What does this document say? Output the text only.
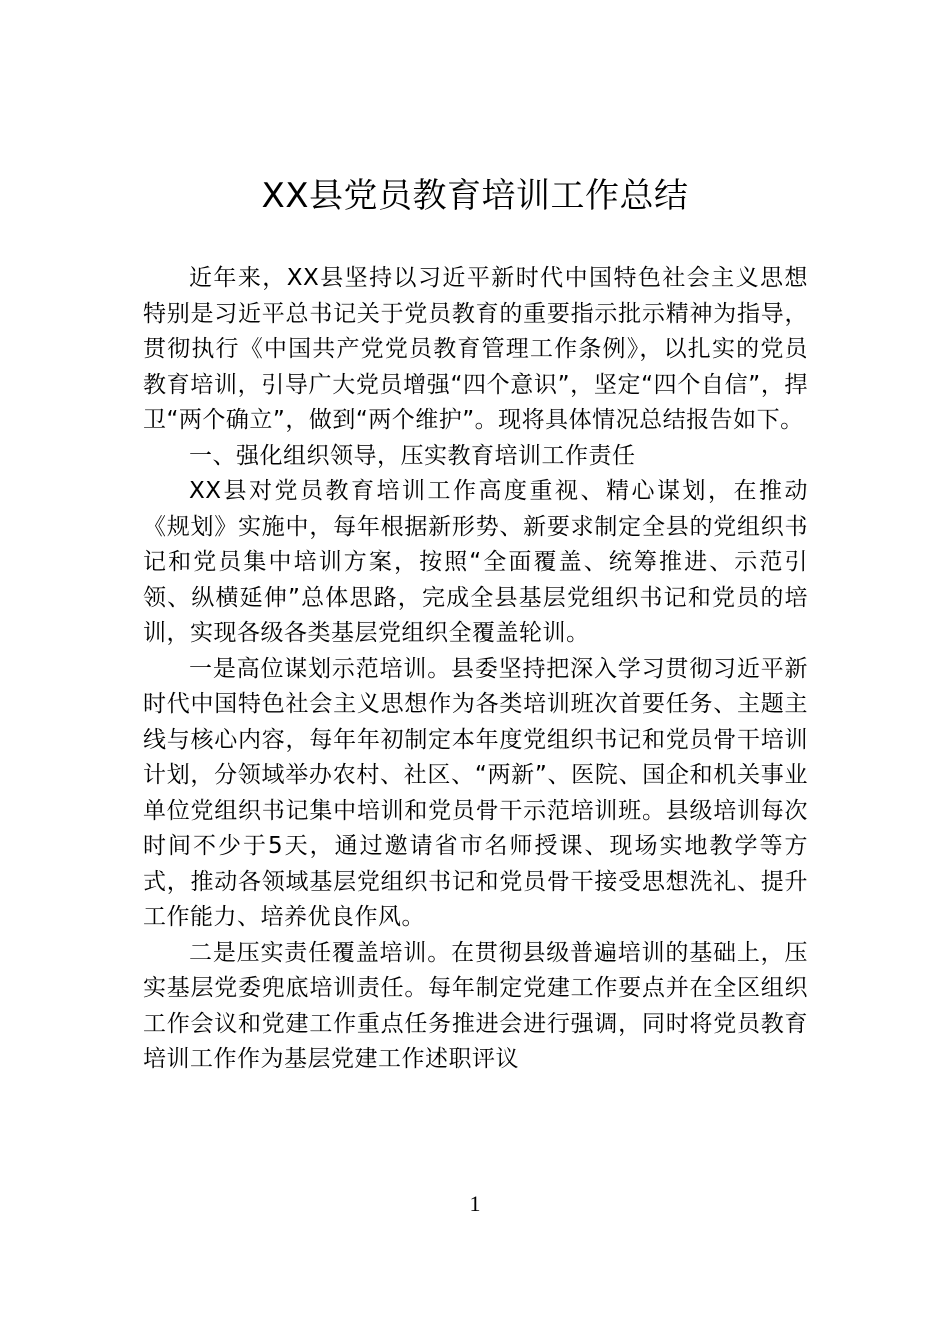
XX县党员教育培训工作总结

近年来，XX县坚持以习近平新时代中国特色社会主义思想特别是习近平总书记关于党员教育的重要指示批示精神为指导，贯彻执行《中国共产党党员教育管理工作条例》，以扎实的党员教育培训，引导广大党员增强“四个意识”，坚定“四个自信”，捍卫“两个确立”，做到“两个维护”。现将具体情况总结报告如下。

一、强化组织领导，压实教育培训工作责任

XX县对党员教育培训工作高度重视、精心谋划，在推动《规划》实施中，每年根据新形势、新要求制定全县的党组织书记和党员集中培训方案，按照“全面覆盖、统筹推进、示范引领、纵横延伸”总体思路，完成全县基层党组织书记和党员的培训，实现各级各类基层党组织全覆盖轮训。

一是高位谋划示范培训。县委坚持把深入学习贯彻习近平新时代中国特色社会主义思想作为各类培训班次首要任务、主题主线与核心内容，每年年初制定本年度党组织书记和党员骨干培训计划，分领域举办农村、社区、“两新”、医院、国企和机关事业单位党组织书记集中培训和党员骨干示范培训班。县级培训每次时间不少于5天，通过邀请省市名师授课、现场实地教学等方式，推动各领域基层党组织书记和党员骨干接受思想洗礼、提升工作能力、培养优良作风。

二是压实责任覆盖培训。在贯彻县级普遍培训的基础上，压实基层党委兜底培训责任。每年制定党建工作要点并在全区组织工作会议和党建工作重点任务推进会进行强调，同时将党员教育培训工作作为基层党建工作述职评议

1
